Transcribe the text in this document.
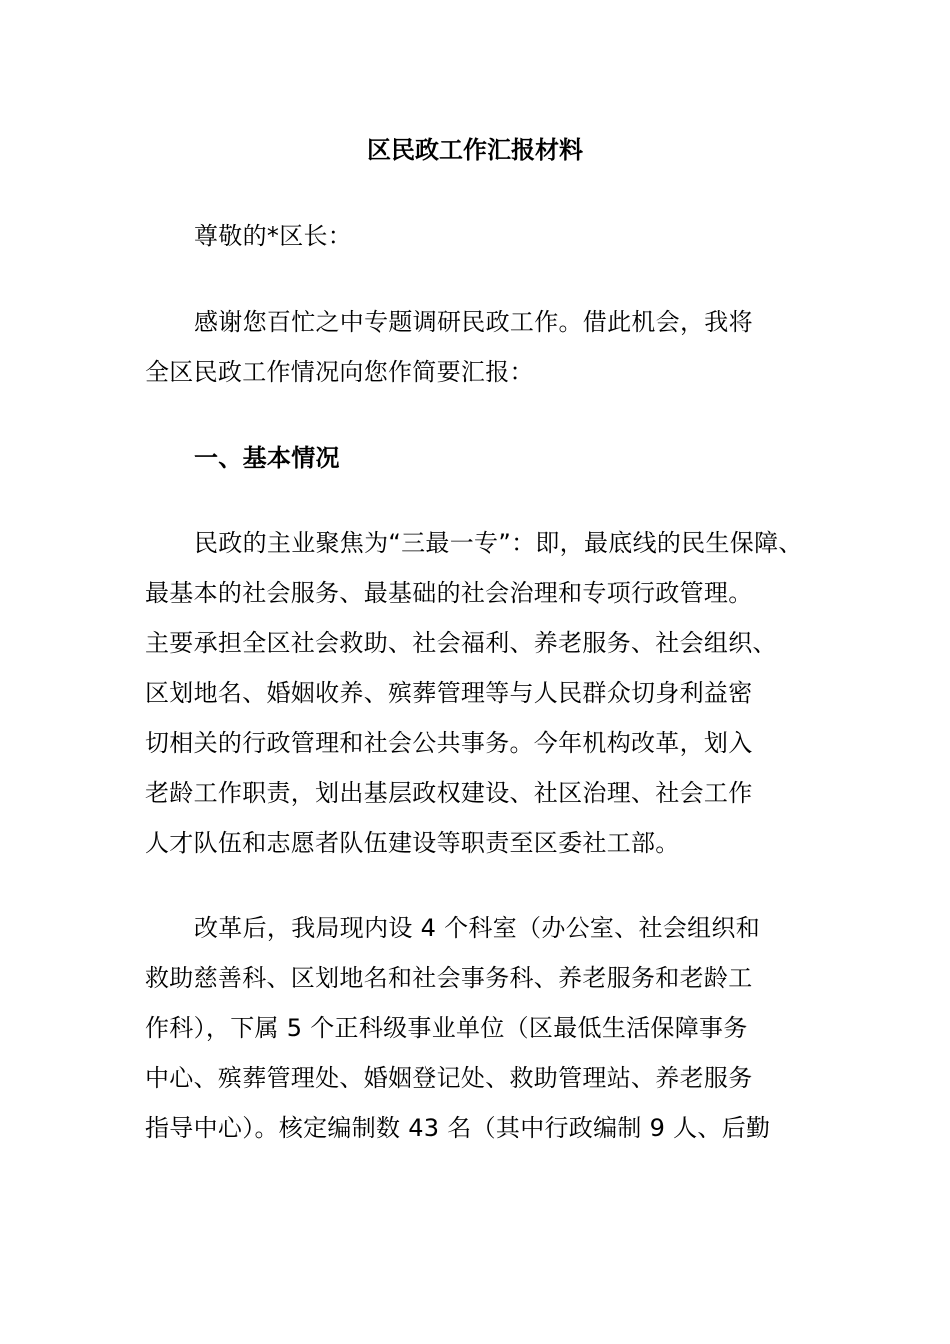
区民政工作汇报材料
尊敬的*区长：
感谢您百忙之中专题调研民政工作。借此机会，我将
全区民政工作情况向您作简要汇报：
一、基本情况
民政的主业聚焦为“三最一专”：即，最底线的民生保障、
最基本的社会服务、最基础的社会治理和专项行政管理。
主要承担全区社会救助、社会福利、养老服务、社会组织、
区划地名、婚姻收养、殡葬管理等与人民群众切身利益密
切相关的行政管理和社会公共事务。今年机构改革，划入
老龄工作职责，划出基层政权建设、社区治理、社会工作
人才队伍和志愿者队伍建设等职责至区委社工部。
改革后，我局现内设 4 个科室（办公室、社会组织和
救助慈善科、区划地名和社会事务科、养老服务和老龄工
作科），下属 5 个正科级事业单位（区最低生活保障事务
中心、殡葬管理处、婚姻登记处、救助管理站、养老服务
指导中心）。核定编制数 43 名（其中行政编制 9 人、后勤
